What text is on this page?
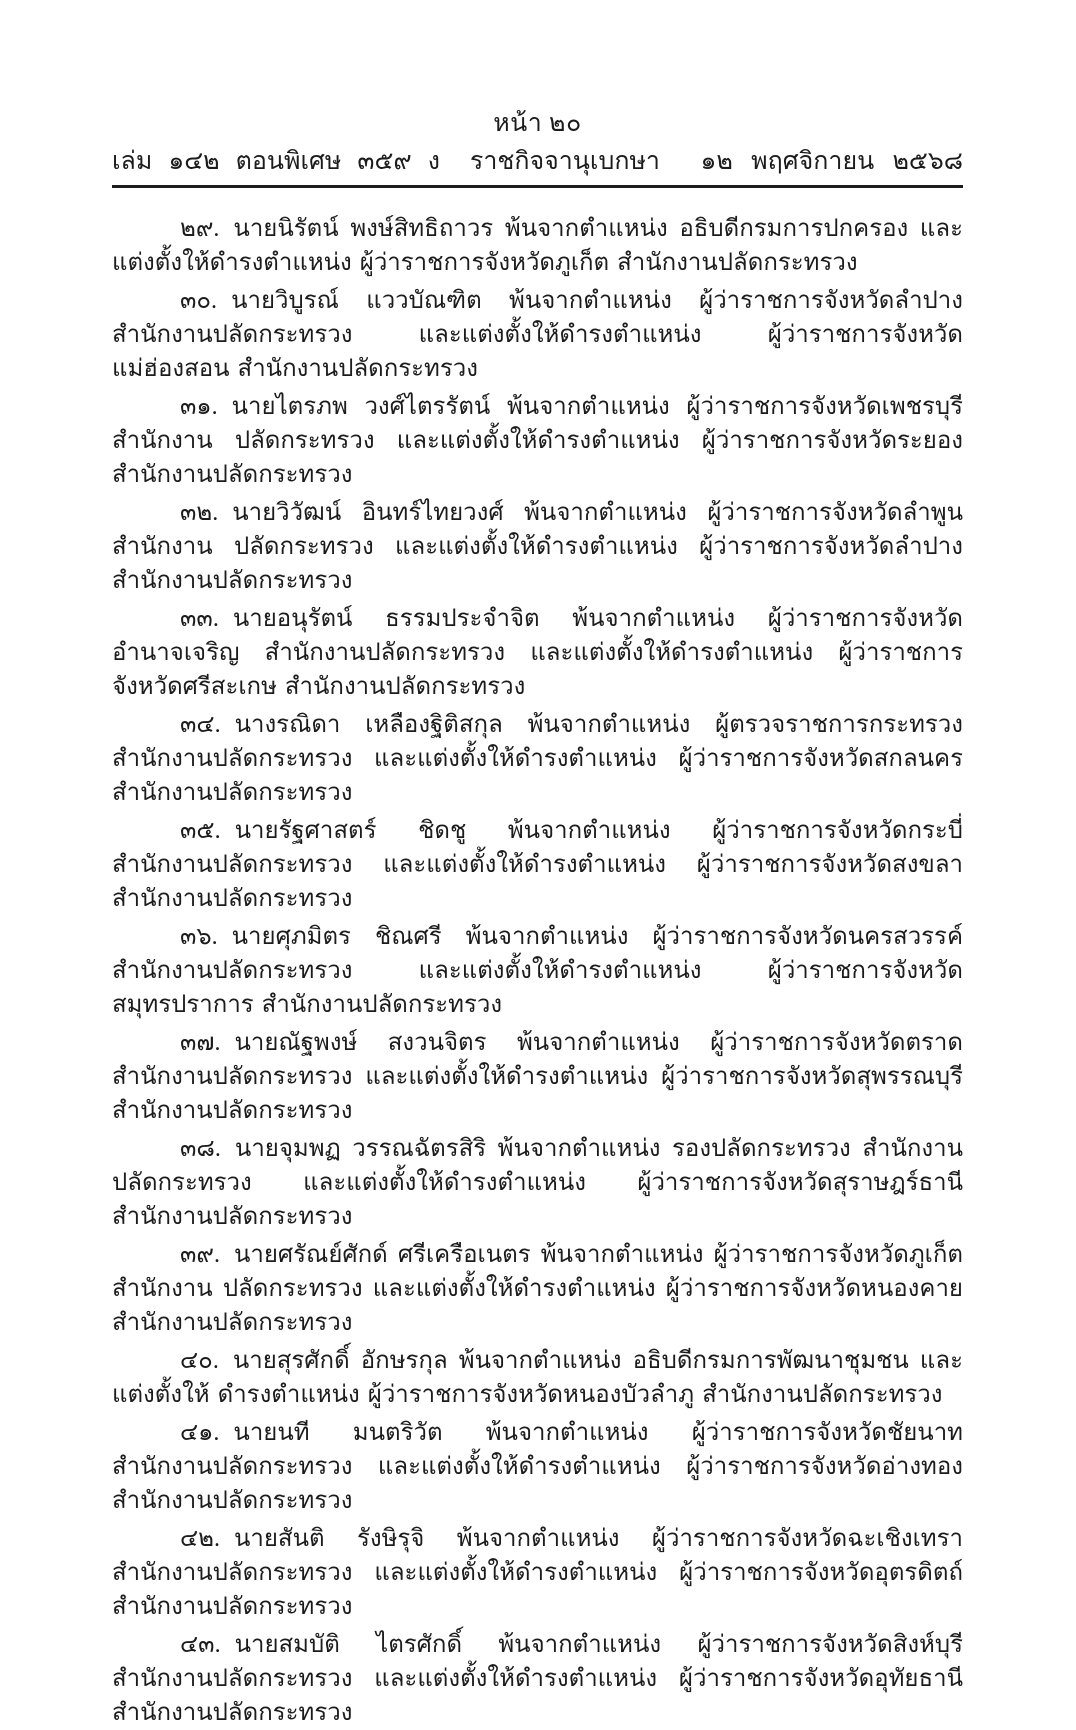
หน้า ๒๐
เล่ม ๑๔๒ ตอนพิเศษ ๓๕๙ ง	ราชกิจจานุเบกษา	๑๒ พฤศจิกายน ๒๕๖๘

๒๙. นายนิรัตน์ พงษ์สิทธิถาวร พ้นจากตำแหน่ง อธิบดีกรมการปกครอง และแต่งตั้งให้ดำรงตำแหน่ง ผู้ว่าราชการจังหวัดภูเก็ต สำนักงานปลัดกระทรวง

๓๐. นายวิบูรณ์ แววบัณฑิต พ้นจากตำแหน่ง ผู้ว่าราชการจังหวัดลำปาง สำนักงานปลัดกระทรวง และแต่งตั้งให้ดำรงตำแหน่ง ผู้ว่าราชการจังหวัดแม่ฮ่องสอน สำนักงานปลัดกระทรวง

๓๑. นายไตรภพ วงศ์ไตรรัตน์ พ้นจากตำแหน่ง ผู้ว่าราชการจังหวัดเพชรบุรี สำนักงาน ปลัดกระทรวง และแต่งตั้งให้ดำรงตำแหน่ง ผู้ว่าราชการจังหวัดระยอง สำนักงานปลัดกระทรวง

๓๒. นายวิวัฒน์ อินทร์ไทยวงศ์ พ้นจากตำแหน่ง ผู้ว่าราชการจังหวัดลำพูน สำนักงาน ปลัดกระทรวง และแต่งตั้งให้ดำรงตำแหน่ง ผู้ว่าราชการจังหวัดลำปาง สำนักงานปลัดกระทรวง

๓๓. นายอนุรัตน์ ธรรมประจำจิต พ้นจากตำแหน่ง ผู้ว่าราชการจังหวัดอำนาจเจริญ สำนักงานปลัดกระทรวง และแต่งตั้งให้ดำรงตำแหน่ง ผู้ว่าราชการจังหวัดศรีสะเกษ สำนักงานปลัดกระทรวง

๓๔. นางรณิดา เหลืองฐิติสกุล พ้นจากตำแหน่ง ผู้ตรวจราชการกระทรวง สำนักงานปลัดกระทรวง และแต่งตั้งให้ดำรงตำแหน่ง ผู้ว่าราชการจังหวัดสกลนคร สำนักงานปลัดกระทรวง

๓๕. นายรัฐศาสตร์ ชิดชู พ้นจากตำแหน่ง ผู้ว่าราชการจังหวัดกระบี่ สำนักงานปลัดกระทรวง และแต่งตั้งให้ดำรงตำแหน่ง ผู้ว่าราชการจังหวัดสงขลา สำนักงานปลัดกระทรวง

๓๖. นายศุภมิตร ชิณศรี พ้นจากตำแหน่ง ผู้ว่าราชการจังหวัดนครสวรรค์ สำนักงานปลัดกระทรวง และแต่งตั้งให้ดำรงตำแหน่ง ผู้ว่าราชการจังหวัดสมุทรปราการ สำนักงานปลัดกระทรวง

๓๗. นายณัฐพงษ์ สงวนจิตร พ้นจากตำแหน่ง ผู้ว่าราชการจังหวัดตราด สำนักงานปลัดกระทรวง และแต่งตั้งให้ดำรงตำแหน่ง ผู้ว่าราชการจังหวัดสุพรรณบุรี สำนักงานปลัดกระทรวง

๓๘. นายจุมพฏ วรรณฉัตรสิริ พ้นจากตำแหน่ง รองปลัดกระทรวง สำนักงานปลัดกระทรวง และแต่งตั้งให้ดำรงตำแหน่ง ผู้ว่าราชการจังหวัดสุราษฎร์ธานี สำนักงานปลัดกระทรวง

๓๙. นายศรัณย์ศักด์ ศรีเครือเนตร พ้นจากตำแหน่ง ผู้ว่าราชการจังหวัดภูเก็ต สำนักงาน ปลัดกระทรวง และแต่งตั้งให้ดำรงตำแหน่ง ผู้ว่าราชการจังหวัดหนองคาย สำนักงานปลัดกระทรวง

๔๐. นายสุรศักดิ์ อักษรกุล พ้นจากตำแหน่ง อธิบดีกรมการพัฒนาชุมชน และแต่งตั้งให้ ดำรงตำแหน่ง ผู้ว่าราชการจังหวัดหนองบัวลำภู สำนักงานปลัดกระทรวง

๔๑. นายนที มนตริวัต พ้นจากตำแหน่ง ผู้ว่าราชการจังหวัดชัยนาท สำนักงานปลัดกระทรวง และแต่งตั้งให้ดำรงตำแหน่ง ผู้ว่าราชการจังหวัดอ่างทอง สำนักงานปลัดกระทรวง

๔๒. นายสันติ รังษิรุจิ พ้นจากตำแหน่ง ผู้ว่าราชการจังหวัดฉะเชิงเทรา สำนักงานปลัดกระทรวง และแต่งตั้งให้ดำรงตำแหน่ง ผู้ว่าราชการจังหวัดอุตรดิตถ์ สำนักงานปลัดกระทรวง

๔๓. นายสมบัติ ไตรศักดิ์ พ้นจากตำแหน่ง ผู้ว่าราชการจังหวัดสิงห์บุรี สำนักงานปลัดกระทรวง และแต่งตั้งให้ดำรงตำแหน่ง ผู้ว่าราชการจังหวัดอุทัยธานี สำนักงานปลัดกระทรวง
